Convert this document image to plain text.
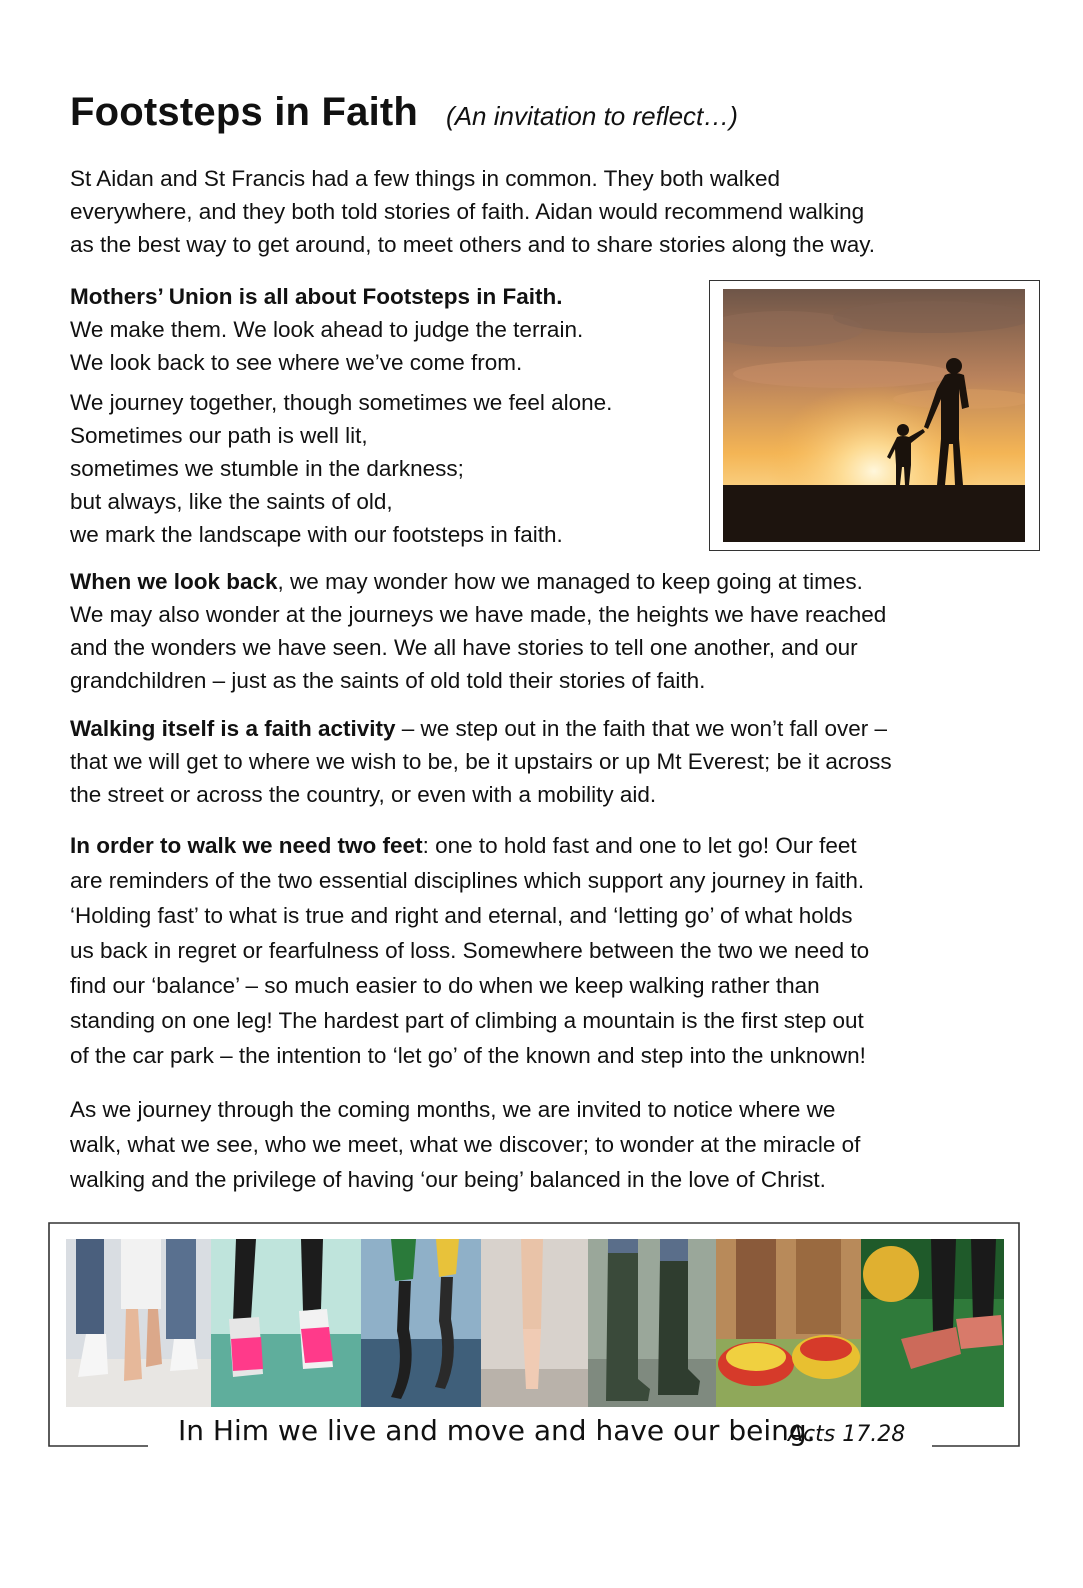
Footsteps in Faith (An invitation to reflect…)

St Aidan and St Francis had a few things in common. They both walked
everywhere, and they both told stories of faith. Aidan would recommend walking
as the best way to get around, to meet others and to share stories along the way.

Mothers’ Union is all about Footsteps in Faith.
We make them. We look ahead to judge the terrain.
We look back to see where we’ve come from.

We journey together, though sometimes we feel alone.
Sometimes our path is well lit,
sometimes we stumble in the darkness;
but always, like the saints of old,
we mark the landscape with our footsteps in faith.

When we look back, we may wonder how we managed to keep going at times.
We may also wonder at the journeys we have made, the heights we have reached
and the wonders we have seen. We all have stories to tell one another, and our
grandchildren – just as the saints of old told their stories of faith.

Walking itself is a faith activity – we step out in the faith that we won’t fall over –
that we will get to where we wish to be, be it upstairs or up Mt Everest; be it across
the street or across the country, or even with a mobility aid.

In order to walk we need two feet: one to hold fast and one to let go! Our feet
are reminders of the two essential disciplines which support any journey in faith.
‘Holding fast’ to what is true and right and eternal, and ‘letting go’ of what holds
us back in regret or fearfulness of loss. Somewhere between the two we need to
find our ‘balance’ – so much easier to do when we keep walking rather than
standing on one leg! The hardest part of climbing a mountain is the first step out
of the car park – the intention to ‘let go’ of the known and step into the unknown!

As we journey through the coming months, we are invited to notice where we
walk, what we see, who we meet, what we discover; to wonder at the miracle of
walking and the privilege of having ‘our being’ balanced in the love of Christ.

In Him we live and move and have our being.
Acts 17.28
